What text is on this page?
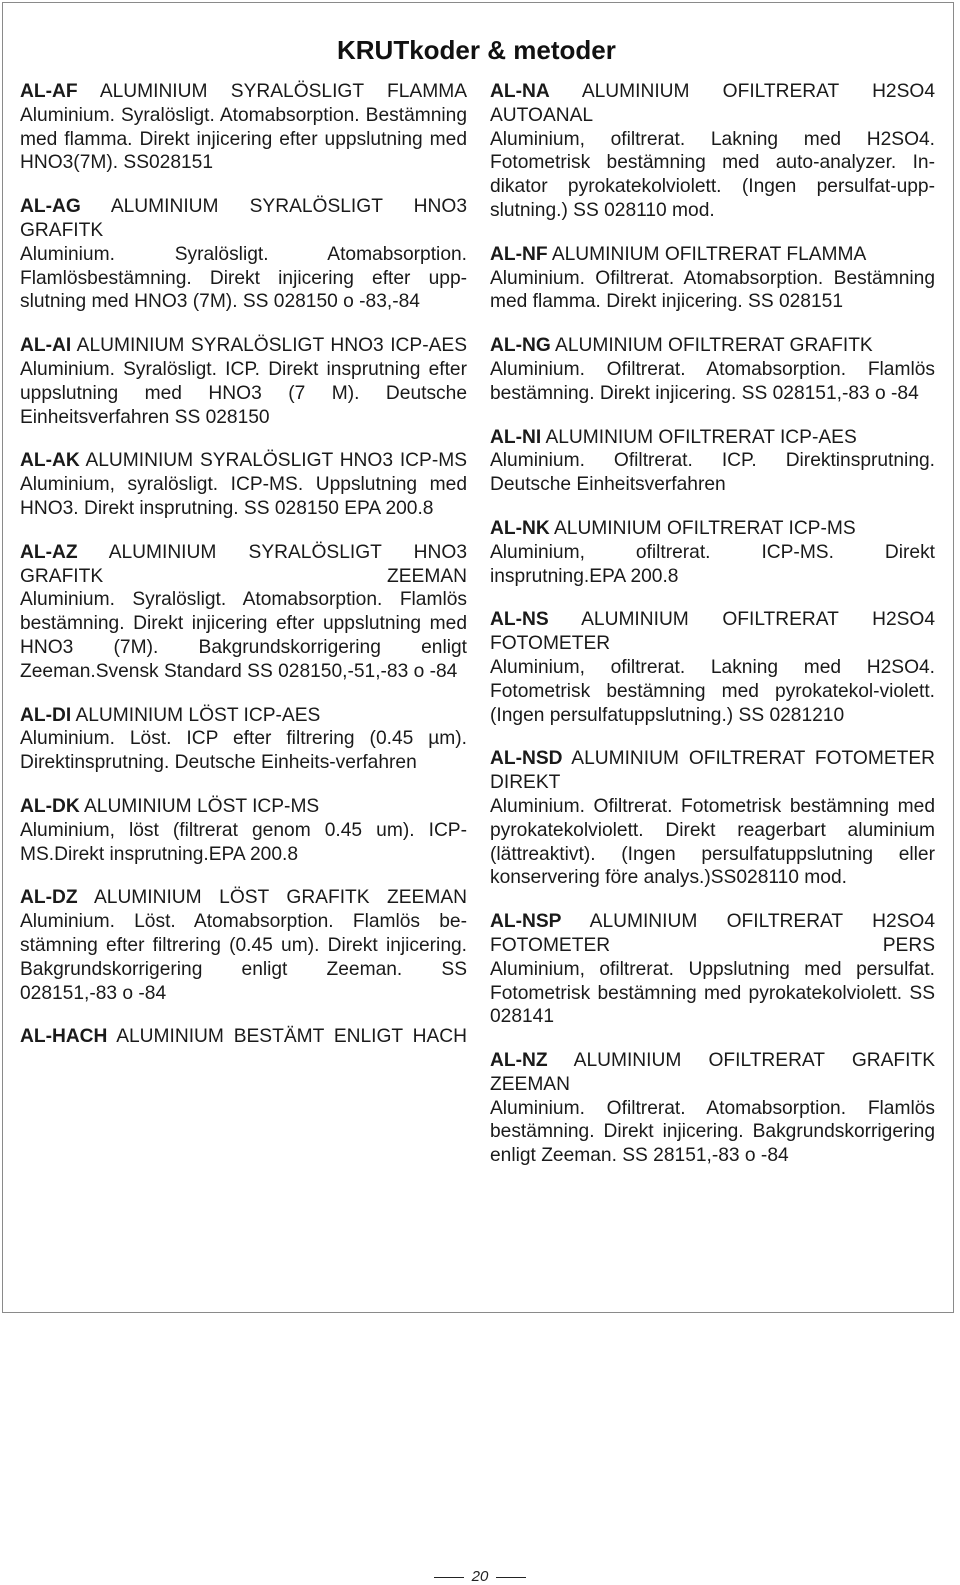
KRUTkoder & metoder

AL-AF ALUMINIUM SYRALÖSLIGT FLAMMA

Aluminium. Syralösligt. Atomabsorption. Bestämning med flamma. Direkt injicering efter uppslutning med HNO3(7M). SS028151

AL-AG ALUMINIUM SYRALÖSLIGT HNO3 GRAFITK

Aluminium. Syralösligt. Atomabsorption. Flamlösbestämning. Direkt injicering efter uppslutning med HNO3 (7M). SS 028150 o -83,-84

AL-AI ALUMINIUM SYRALÖSLIGT HNO3 ICP-AES

Aluminium. Syralösligt. ICP. Direkt insprutning efter uppslutning med HNO3 (7 M). Deutsche Einheitsverfahren SS 028150

AL-AK ALUMINIUM SYRALÖSLIGT HNO3 ICP-MS

Aluminium, syralösligt. ICP-MS. Uppslutning med HNO3. Direkt insprutning. SS 028150 EPA 200.8

AL-AZ ALUMINIUM SYRALÖSLIGT HNO3 GRAFITK ZEEMAN

Aluminium. Syralösligt. Atomabsorption. Flamlös bestämning. Direkt injicering efter uppslutning med HNO3 (7M). Bakgrundskorrigering enligt Zeeman.Svensk Standard SS 028150,-51,-83 o -84

AL-DI ALUMINIUM LÖST ICP-AES

Aluminium. Löst. ICP efter filtrering (0.45 µm). Direktinsprutning. Deutsche Einheits-verfahren

AL-DK ALUMINIUM LÖST ICP-MS

Aluminium, löst (filtrerat genom 0.45 um). ICP-MS.Direkt insprutning.EPA 200.8

AL-DZ ALUMINIUM LÖST GRAFITK ZEEMAN

Aluminium. Löst. Atomabsorption. Flamlös bestämning efter filtrering (0.45 um). Direkt injicering. Bakgrundskorrigering enligt Zeeman. SS 028151,-83 o -84

AL-HACH ALUMINIUM BESTÄMT ENLIGT HACH

AL-NA ALUMINIUM OFILTRERAT H2SO4 AUTOANAL

Aluminium, ofiltrerat. Lakning med H2SO4. Fotometrisk bestämning med auto-analyzer. Indikator pyrokatekolviolett. (Ingen persulfat-uppslutning.) SS 028110 mod.

AL-NF ALUMINIUM OFILTRERAT FLAMMA

Aluminium. Ofiltrerat. Atomabsorption. Bestämning med flamma. Direkt injicering. SS 028151

AL-NG ALUMINIUM OFILTRERAT GRAFITK

Aluminium. Ofiltrerat. Atomabsorption. Flamlös bestämning. Direkt injicering. SS 028151,-83 o -84

AL-NI ALUMINIUM OFILTRERAT ICP-AES

Aluminium. Ofiltrerat. ICP. Direktinsprutning. Deutsche Einheitsverfahren

AL-NK ALUMINIUM OFILTRERAT ICP-MS

Aluminium, ofiltrerat. ICP-MS. Direkt insprutning.EPA 200.8

AL-NS ALUMINIUM OFILTRERAT H2SO4 FOTOMETER

Aluminium, ofiltrerat. Lakning med H2SO4. Fotometrisk bestämning med pyrokatekol-violett. (Ingen persulfatuppslutning.) SS 0281210

AL-NSD ALUMINIUM OFILTRERAT FOTOMETER DIREKT

Aluminium. Ofiltrerat. Fotometrisk bestämning med pyrokatekolviolett. Direkt reagerbart aluminium (lättreaktivt). (Ingen persulfatuppslutning eller konservering före analys.)SS028110 mod.

AL-NSP ALUMINIUM OFILTRERAT H2SO4 FOTOMETER PERS

Aluminium, ofiltrerat. Uppslutning med persulfat. Fotometrisk bestämning med pyrokatekolviolett. SS 028141

AL-NZ ALUMINIUM OFILTRERAT GRAFITK ZEEMAN

Aluminium. Ofiltrerat. Atomabsorption. Flamlös bestämning. Direkt injicering. Bakgrundskorrigering enligt Zeeman. SS 28151,-83 o -84

20
